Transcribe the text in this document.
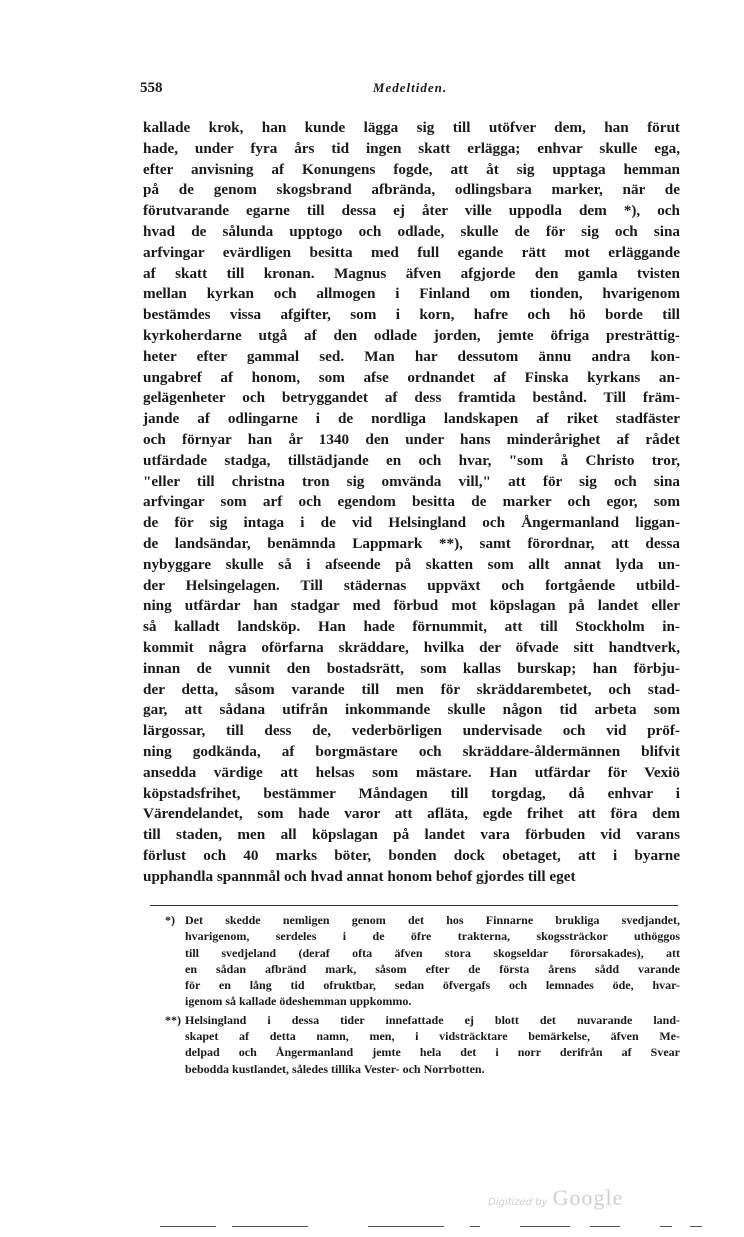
558	Medeltiden.
kallade krok, han kunde lägga sig till utöfver dem, han förut
hade, under fyra års tid ingen skatt erlägga; enhvar skulle ega,
efter anvisning af Konungens fogde, att åt sig upptaga hemman
på de genom skogsbrand afbrända, odlingsbara marker, när de
förutvarande egarne till dessa ej åter ville uppodla dem *), och
hvad de sålunda upptogo och odlade, skulle de för sig och sina
arfvingar evärdligen besitta med full egande rätt mot erläggande
af skatt till kronan. Magnus äfven afgjorde den gamla tvisten
mellan kyrkan och allmogen i Finland om tionden, hvarigenom
bestämdes vissa afgifter, som i korn, hafre och hö borde till
kyrkoherdarne utgå af den odlade jorden, jemte öfriga presträttig-
heter efter gammal sed. Man har dessutom ännu andra kon-
ungabref af honom, som afse ordnandet af Finska kyrkans an-
gelägenheter och betryggandet af dess framtida bestånd. Till främ-
jande af odlingarne i de nordliga landskapen af riket stadfäster
och förnyar han år 1340 den under hans minderårighet af rådet
utfärdade stadga, tillstädjande en och hvar, "som å Christo tror,
"eller till christna tron sig omvända vill," att för sig och sina
arfvingar som arf och egendom besitta de marker och egor, som
de för sig intaga i de vid Helsingland och Ångermanland liggan-
de landsändar, benämnda Lappmark **), samt förordnar, att dessa
nybyggare skulle så i afseende på skatten som allt annat lyda un-
der Helsingelagen. Till städernas uppväxt och fortgående utbild-
ning utfärdar han stadgar med förbud mot köpslagan på landet eller
så kalladt landsköp. Han hade förnummit, att till Stockholm in-
kommit några oförfarna skräddare, hvilka der öfvade sitt handtverk,
innan de vunnit den bostadsrätt, som kallas burskap; han förbju-
der detta, såsom varande till men för skräddarembetet, och stad-
gar, att sådana utifrån inkommande skulle någon tid arbeta som
lärgossar, till dess de, vederbörligen undervisade och vid pröf-
ning godkända, af borgmästare och skräddare-åldermännen blifvit
ansedda värdige att helsas som mästare. Han utfärdar för Vexiö
köpstadsfrihet, bestämmer Måndagen till torgdag, då enhvar i
Värendelandet, som hade varor att afläta, egde frihet att föra dem
till staden, men all köpslagan på landet vara förbuden vid varans
förlust och 40 marks böter, bonden dock obetaget, att i byarne
upphandla spannmål och hvad annat honom behof gjordes till eget
*) Det skedde nemligen genom det hos Finnarne brukliga svedjandet,
hvarigenom, serdeles i de öfre trakterna, skogssträckor uthöggos
till svedjeland (deraf ofta äfven stora skogseldar förorsakades), att
en sådan afbränd mark, såsom efter de första årens sådd varande
för en lång tid ofruktbar, sedan öfvergafs och lemnades öde, hvar-
igenom så kallade ödeshemman uppkommo.
**) Helsingland i dessa tider innefattade ej blott det nuvarande land-
skapet af detta namn, men, i vidsträcktare bemärkelse, äfven Me-
delpad och Ångermanland jemte hela det i norr derifrån af Svear
bebodda kustlandet, således tillika Vester- och Norrbotten.
Digitized by Google
